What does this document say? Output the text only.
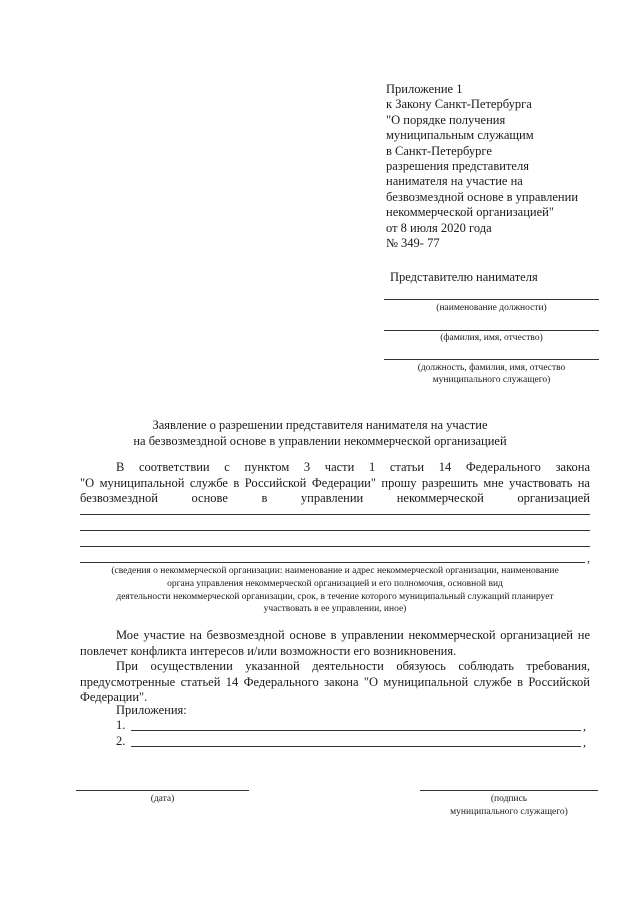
Приложение 1
к Закону Санкт-Петербурга
"О порядке получения
муниципальным служащим
в Санкт-Петербурге
разрешения представителя
нанимателя на участие на
безвозмездной основе в управлении
некоммерческой организацией"
от 8 июля 2020 года
№ 349- 77
Представителю нанимателя
(наименование должности)
(фамилия, имя, отчество)
(должность, фамилия, имя, отчество
муниципального служащего)
Заявление о разрешении представителя нанимателя на участие
на безвозмездной основе в управлении некоммерческой организацией
В соответствии с пунктом 3 части 1 статьи 14 Федерального закона
"О муниципальной службе в Российской Федерации" прошу разрешить мне участвовать на
безвозмездной основе в управлении некоммерческой организацией
,
(сведения о некоммерческой организации: наименование и адрес некоммерческой организации, наименование
органа управления некоммерческой организацией и его полномочия, основной вид
деятельности некоммерческой организации, срок, в течение которого муниципальный служащий планирует
участвовать в ее управлении, иное)
Мое участие на безвозмездной основе в управлении некоммерческой организацией не повлечет конфликта интересов и/или возможности его возникновения.
При осуществлении указанной деятельности обязуюсь соблюдать требования, предусмотренные статьей 14 Федерального закона "О муниципальной службе в Российской Федерации".
Приложения:
1.	,
2.	,
(дата)	(подпись
муниципального служащего)
